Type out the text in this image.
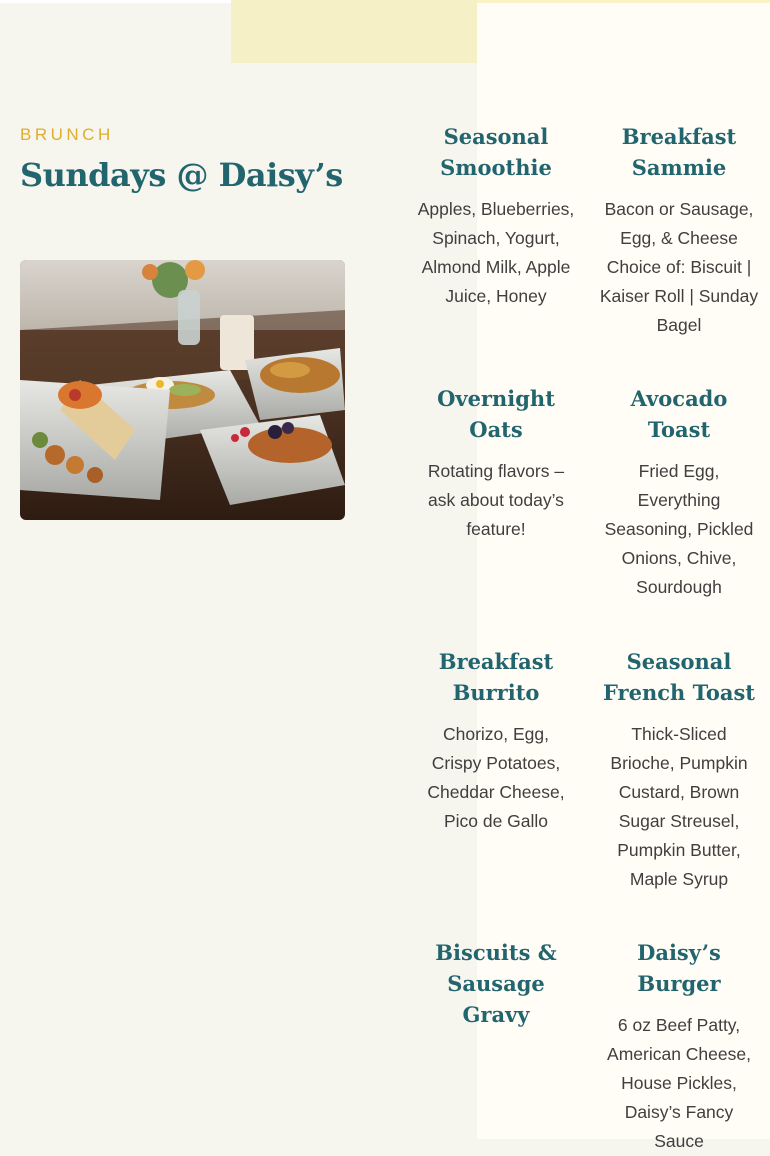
BRUNCH
Sundays @ Daisy’s
Seasonal Smoothie
Apples, Blueberries, Spinach, Yogurt, Almond Milk, Apple Juice, Honey
Overnight Oats
Rotating flavors – ask about today’s feature!
Breakfast Burrito
Chorizo, Egg, Crispy Potatoes, Cheddar Cheese, Pico de Gallo
Biscuits & Sausage Gravy
Breakfast Sammie
Bacon or Sausage, Egg, & Cheese Choice of: Biscuit | Kaiser Roll | Sunday Bagel
Avocado Toast
Fried Egg, Everything Seasoning, Pickled Onions, Chive, Sourdough
Seasonal French Toast
Thick-Sliced Brioche, Pumpkin Custard, Brown Sugar Streusel, Pumpkin Butter, Maple Syrup
Daisy’s Burger
6 oz Beef Patty, American Cheese, House Pickles, Daisy’s Fancy Sauce
